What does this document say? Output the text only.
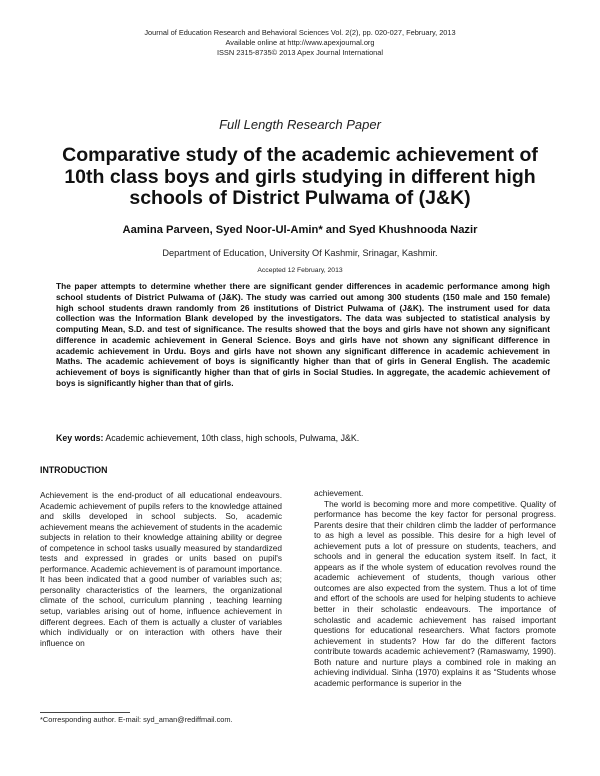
Journal of Education Research and Behavioral Sciences Vol. 2(2), pp. 020-027, February, 2013
Available online at http://www.apexjournal.org
ISSN 2315-8735© 2013 Apex Journal International
Full Length Research Paper
Comparative study of the academic achievement of 10th class boys and girls studying in different high schools of District Pulwama of (J&K)
Aamina Parveen, Syed Noor-Ul-Amin* and Syed Khushnooda Nazir
Department of Education, University Of Kashmir, Srinagar, Kashmir.
Accepted 12 February, 2013
The paper attempts to determine whether there are significant gender differences in academic performance among high school students of District Pulwama of (J&K). The study was carried out among 300 students (150 male and 150 female) high school students drawn randomly from 26 institutions of District Pulwama of (J&K). The instrument used for data collection was the Information Blank developed by the investigators. The data was subjected to statistical analysis by computing Mean, S.D. and test of significance. The results showed that the boys and girls have not shown any significant difference in academic achievement in General Science. Boys and girls have not shown any significant difference in academic achievement in Urdu. Boys and girls have not shown any significant difference in academic achievement in Maths. The academic achievement of boys is significantly higher than that of girls in General English. The academic achievement of boys is significantly higher than that of girls in Social Studies. In aggregate, the academic achievement of boys is significantly higher than that of girls.
Key words: Academic achievement, 10th class, high schools, Pulwama, J&K.
INTRODUCTION

Achievement is the end-product of all educational endeavours. Academic achievement of pupils refers to the knowledge attained and skills developed in school subjects. So, academic achievement means the achievement of students in the academic subjects in relation to their knowledge attaining ability or degree of competence in school tasks usually measured by standardized tests and expressed in grades or units based on pupil's performance. Academic achievement is of paramount importance. It has been indicated that a good number of variables such as; personality characteristics of the learners, the organizational climate of the school, curriculum planning , teaching learning setup, variables arising out of home, influence achievement in different degrees. Each of them is actually a cluster of variables which individually or on interaction with others have their influence on

achievement.

The world is becoming more and more competitive. Quality of performance has become the key factor for personal progress. Parents desire that their children climb the ladder of performance to as high a level as possible. This desire for a high level of achievement puts a lot of pressure on students, teachers, and schools and in general the education system itself. In fact, it appears as if the whole system of education revolves round the academic achievement of students, though various other outcomes are also expected from the system. Thus a lot of time and effort of the schools are used for helping students to achieve better in their scholastic endeavours. The importance of scholastic and academic achievement has raised important questions for educational researchers. What factors promote achievement in students? How far do the different factors contribute towards academic achievement? (Ramaswamy, 1990). Both nature and nurture plays a combined role in making an achieving individual. Sinha (1970) explains it as “Students whose academic performance is superior in the

*Corresponding author. E-mail: syd_aman@rediffmail.com.
